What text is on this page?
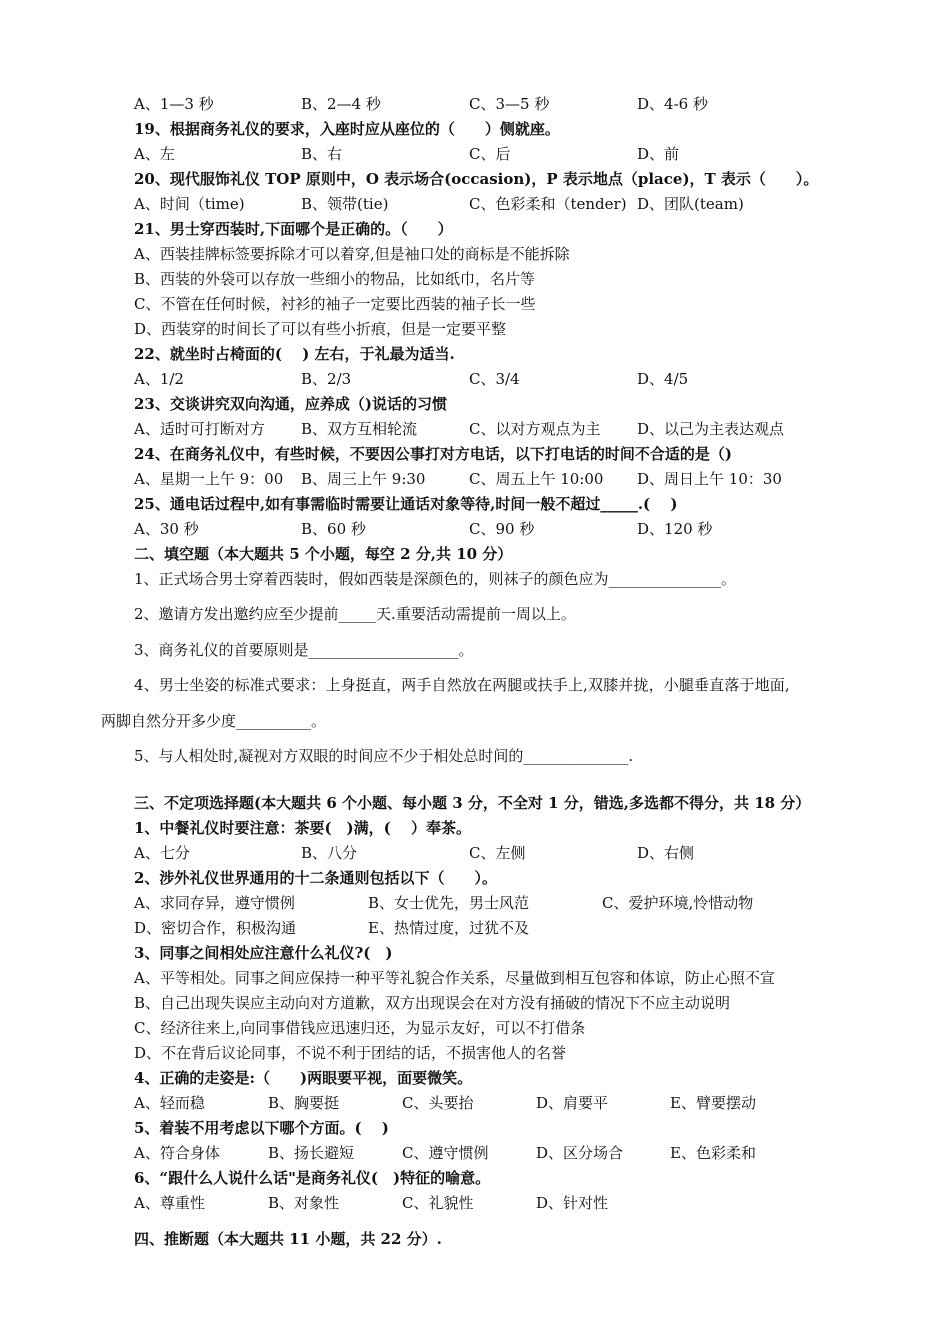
A、1—3 秒	B、2—4 秒	C、3—5 秒	D、4-6 秒
19、根据商务礼仪的要求，入座时应从座位的（　　）侧就座。
A、左	B、右	C、后	D、前
20、现代服饰礼仪 TOP 原则中，O 表示场合(occasion)，P 表示地点（place)，T 表示（　　）。
A、时间（time)	B、领带(tie)	C、色彩柔和（tender) D、团队(team)
21、男士穿西装时,下面哪个是正确的。（　　）
A、西装挂牌标签要拆除才可以着穿,但是袖口处的商标是不能拆除
B、西装的外袋可以存放一些细小的物品，比如纸巾，名片等
C、不管在任何时候，衬衫的袖子一定要比西装的袖子长一些
D、西装穿的时间长了可以有些小折痕，但是一定要平整
22、就坐时占椅面的(　 ) 左右，于礼最为适当.
A、1/2	B、2/3	C、3/4	D、4/5
23、交谈讲究双向沟通，应养成（)说话的习惯
A、适时可打断对方 B、双方互相轮流	C、以对方观点为主 D、以己为主表达观点
24、在商务礼仪中，有些时候，不要因公事打对方电话，以下打电话的时间不合适的是（)
A、星期一上午 9：00 B、周三上午 9:30	C、周五上午 10:00 D、周日上午 10：30
25、通电话过程中,如有事需临时需要让通话对象等待,时间一般不超过_____.(　 )
A、30 秒	B、60 秒	C、90 秒	D、120 秒
二、填空题（本大题共 5 个小题，每空 2 分,共 10 分）
1、正式场合男士穿着西装时，假如西装是深颜色的，则袜子的颜色应为_______________。
2、邀请方发出邀约应至少提前_____天.重要活动需提前一周以上。
3、商务礼仪的首要原则是____________________。
4、男士坐姿的标准式要求：上身挺直，两手自然放在两腿或扶手上,双膝并拢，小腿垂直落于地面,
两脚自然分开多少度__________。
5、与人相处时,凝视对方双眼的时间应不少于相处总时间的______________.
三、不定项选择题(本大题共 6 个小题、每小题 3 分，不全对 1 分，错选,多选都不得分，共 18 分）
1、中餐礼仪时要注意：茶要(　)满，(　 ）奉茶。
A、七分	B、八分	C、左侧	D、右侧
2、涉外礼仪世界通用的十二条通则包括以下（　　）。
A、求同存异，遵守惯例	B、女士优先，男士风范	C、爱护环境,怜惜动物
D、密切合作，积极沟通	E、热情过度，过犹不及
3、同事之间相处应注意什么礼仪?(　)
A、平等相处。同事之间应保持一种平等礼貌合作关系，尽量做到相互包容和体谅，防止心照不宣
B、自己出现失误应主动向对方道歉，双方出现误会在对方没有捅破的情况下不应主动说明
C、经济往来上,向同事借钱应迅速归还，为显示友好，可以不打借条
D、不在背后议论同事，不说不利于团结的话，不损害他人的名誉
4、正确的走姿是:（　　)两眼要平视，面要微笑。
A、轻而稳	B、胸要挺	C、头要抬	D、肩要平	E、臂要摆动
5、着装不用考虑以下哪个方面。(　 )
A、符合身体	B、扬长避短	C、遵守惯例	D、区分场合	E、色彩柔和
6、“跟什么人说什么话"是商务礼仪(　)特征的喻意。
A、尊重性	B、对象性	C、礼貌性	D、针对性
四、推断题（本大题共 11 小题，共 22 分）.
